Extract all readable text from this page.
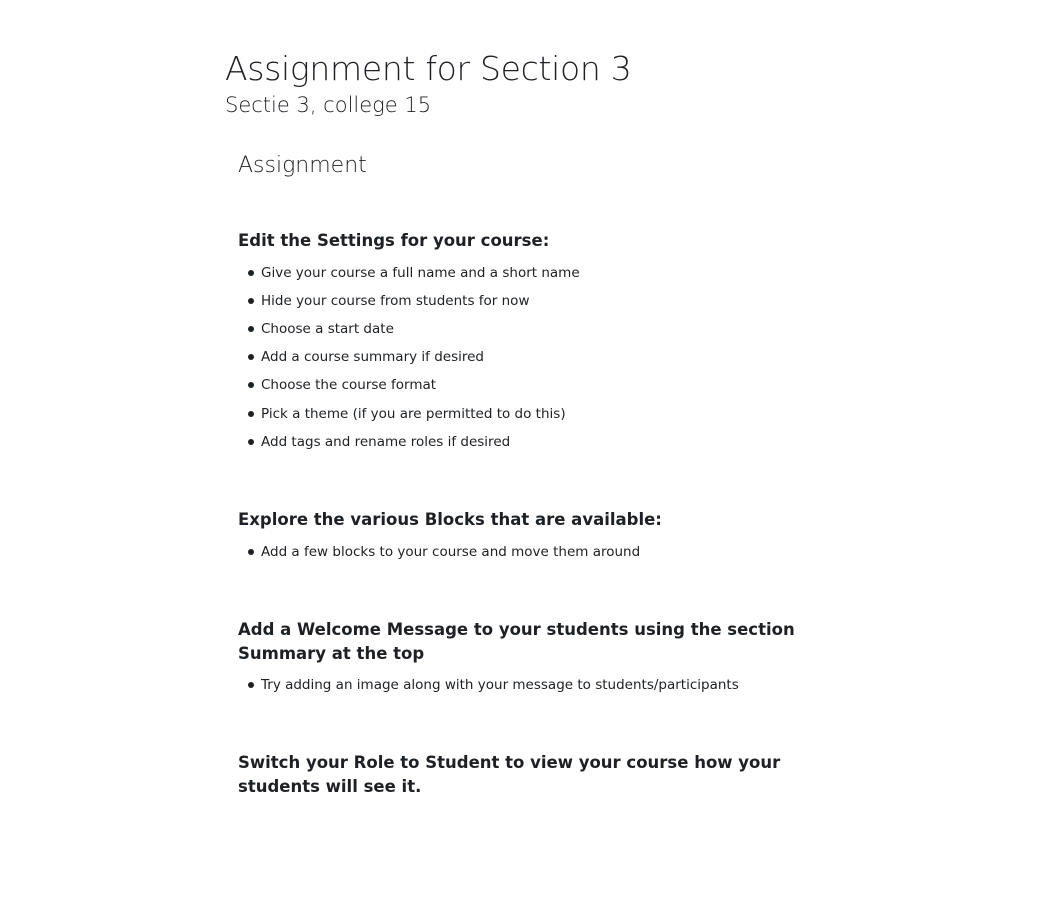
Assignment for Section 3
Sectie 3, college 15
Assignment
Edit the Settings for your course:
Give your course a full name and a short name
Hide your course from students for now
Choose a start date
Add a course summary if desired
Choose the course format
Pick a theme (if you are permitted to do this)
Add tags and rename roles if desired
Explore the various Blocks that are available:
Add a few blocks to your course and move them around
Add a Welcome Message to your students using the section Summary at the top
Try adding an image along with your message to students/participants
Switch your Role to Student to view your course how your students will see it.
